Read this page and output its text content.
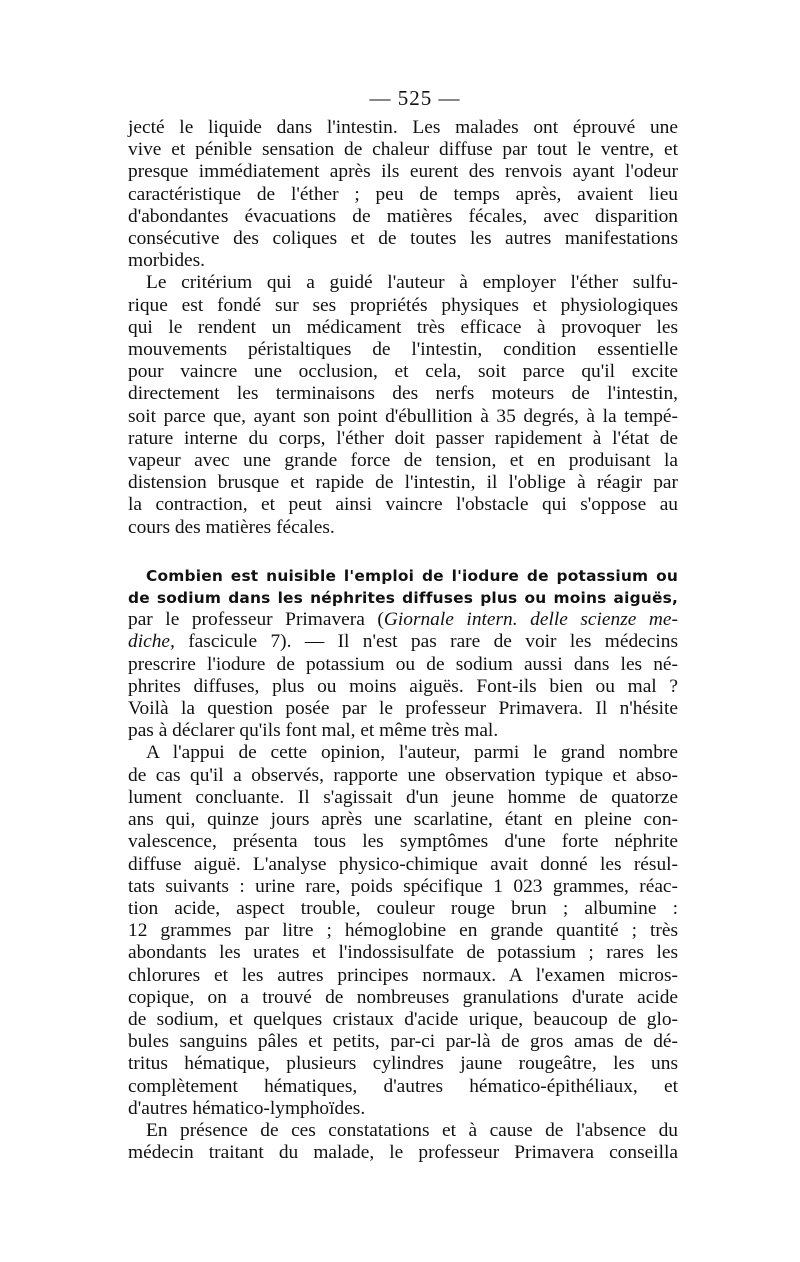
— 525 —
jecté le liquide dans l'intestin. Les malades ont éprouvé une
vive et pénible sensation de chaleur diffuse par tout le ventre, et
presque immédiatement après ils eurent des renvois ayant l'odeur
caractéristique de l'éther ; peu de temps après, avaient lieu
d'abondantes évacuations de matières fécales, avec disparition
consécutive des coliques et de toutes les autres manifestations
morbides.
Le critérium qui a guidé l'auteur à employer l'éther sulfu-
rique est fondé sur ses propriétés physiques et physiologiques
qui le rendent un médicament très efficace à provoquer les
mouvements péristaltiques de l'intestin, condition essentielle
pour vaincre une occlusion, et cela, soit parce qu'il excite
directement les terminaisons des nerfs moteurs de l'intestin,
soit parce que, ayant son point d'ébullition à 35 degrés, à la tempé-
rature interne du corps, l'éther doit passer rapidement à l'état de
vapeur avec une grande force de tension, et en produisant la
distension brusque et rapide de l'intestin, il l'oblige à réagir par
la contraction, et peut ainsi vaincre l'obstacle qui s'oppose au
cours des matières fécales.
Combien est nuisible l'emploi de l'iodure de potassium ou
de sodium dans les néphrites diffuses plus ou moins aiguës,
par le professeur Primavera (Giornale intern. delle scienze me-
diche, fascicule 7). — Il n'est pas rare de voir les médecins
prescrire l'iodure de potassium ou de sodium aussi dans les né-
phrites diffuses, plus ou moins aiguës. Font-ils bien ou mal ?
Voilà la question posée par le professeur Primavera. Il n'hésite
pas à déclarer qu'ils font mal, et même très mal.
A l'appui de cette opinion, l'auteur, parmi le grand nombre
de cas qu'il a observés, rapporte une observation typique et abso-
lument concluante. Il s'agissait d'un jeune homme de quatorze
ans qui, quinze jours après une scarlatine, étant en pleine con-
valescence, présenta tous les symptômes d'une forte néphrite
diffuse aiguë. L'analyse physico-chimique avait donné les résul-
tats suivants : urine rare, poids spécifique 1 023 grammes, réac-
tion acide, aspect trouble, couleur rouge brun ; albumine :
12 grammes par litre ; hémoglobine en grande quantité ; très
abondants les urates et l'indossisulfate de potassium ; rares les
chlorures et les autres principes normaux. A l'examen micros-
copique, on a trouvé de nombreuses granulations d'urate acide
de sodium, et quelques cristaux d'acide urique, beaucoup de glo-
bules sanguins pâles et petits, par-ci par-là de gros amas de dé-
tritus hématique, plusieurs cylindres jaune rougeâtre, les uns
complètement hématiques, d'autres hématico-épithéliaux, et
d'autres hématico-lymphoïdes.
En présence de ces constatations et à cause de l'absence du
médecin traitant du malade, le professeur Primavera conseilla
